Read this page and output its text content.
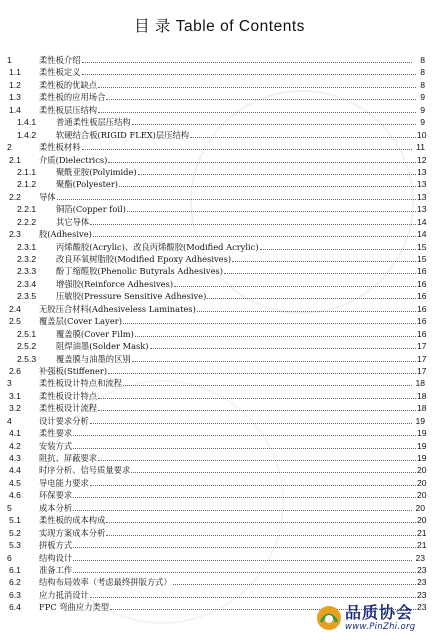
目 录 Table of Contents
1	柔性板介绍	8
1.1 柔性板定义	8
1.2 柔性板的优缺点	8
1.3 柔性板的应用场合	9
1.4 柔性板层压结构	9
1.4.1 普通柔性板层压结构	9
1.4.2 软硬结合板(RIGID FLEX)层压结构	10
2	柔性板材料	11
2.1 介质(Dielectrics)	12
2.1.1 聚酰亚胺(Polyimide)	13
2.1.2 聚酯(Polyester)	13
2.2 导体	13
2.2.1 铜箔(Copper foil)	13
2.2.2 其它导体	14
2.3 胶(Adhesive)	14
2.3.1 丙烯酸胶(Acrylic)、改良丙烯酸胶(Modified Acrylic)	15
2.3.2 改良环氧树脂胶(Modified Epoxy Adhesives)	15
2.3.3 酚丁缩醛胶(Phenolic Butyrals Adhesives)	16
2.3.4 增强胶(Reinforce Adhesives)	16
2.3.5 压敏胶(Pressure Sensitive Adhesive)	16
2.4 无胶压合材料(Adhesiveless Laminates)	16
2.5 覆盖层(Cover Layer)	16
2.5.1 覆盖膜(Cover Film)	16
2.5.2 阻焊油墨(Solder Mask)	17
2.5.3 覆盖膜与油墨的区别	17
2.6 补强板(Stiffener)	17
3	柔性板设计特点和流程	18
3.1 柔性板设计特点	18
3.2 柔性板设计流程	18
4	设计要求分析	19
4.1 柔性要求	19
4.2 安装方式	19
4.3 阻抗、屏蔽要求	19
4.4 时序分析、信号质量要求	20
4.5 导电能力要求	20
4.6 环保要求	20
5	成本分析	20
5.1 柔性板的成本构成	20
5.2 实现方案成本分析	21
5.3 拼板方式	21
6	结构设计	23
6.1 准备工作	23
6.2 结构布局效率（考虑最终拼版方式）	23
6.3 应力抵消设计	23
6.4 FPC 弯曲应力类型	23
品质协会
www.PinZhi.org
